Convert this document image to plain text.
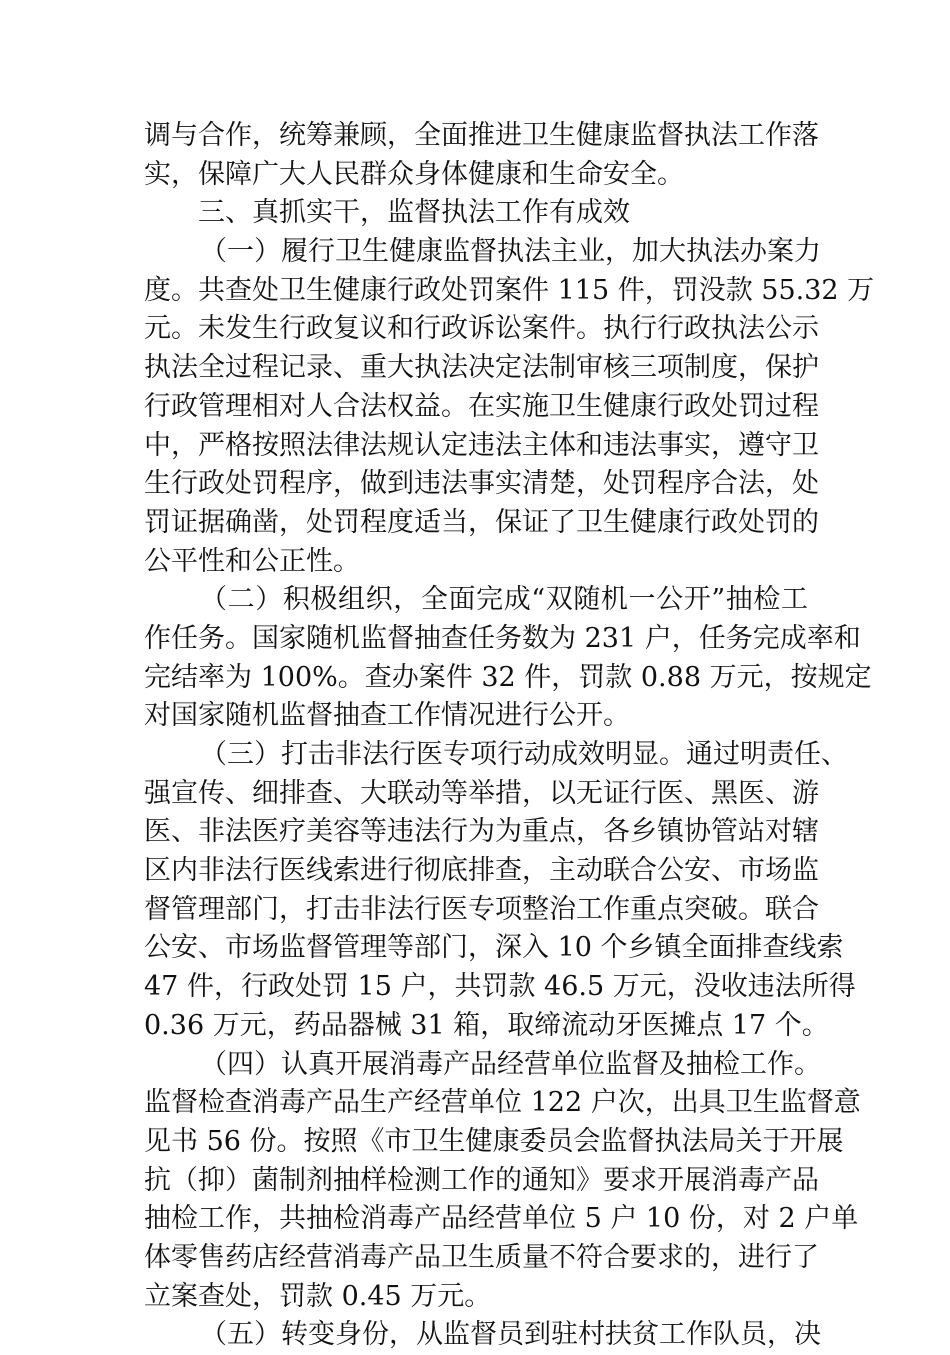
调与合作，统筹兼顾，全面推进卫生健康监督执法工作落
实，保障广大人民群众身体健康和生命安全。
三、真抓实干，监督执法工作有成效
（一）履行卫生健康监督执法主业，加大执法办案力
度。共查处卫生健康行政处罚案件 115 件，罚没款 55.32 万
元。未发生行政复议和行政诉讼案件。执行行政执法公示
执法全过程记录、重大执法决定法制审核三项制度，保护
行政管理相对人合法权益。在实施卫生健康行政处罚过程
中，严格按照法律法规认定违法主体和违法事实，遵守卫
生行政处罚程序，做到违法事实清楚，处罚程序合法，处
罚证据确凿，处罚程度适当，保证了卫生健康行政处罚的
公平性和公正性。
（二）积极组织，全面完成“双随机一公开”抽检工
作任务。国家随机监督抽查任务数为 231 户，任务完成率和
完结率为 100%。查办案件 32 件，罚款 0.88 万元，按规定
对国家随机监督抽查工作情况进行公开。
（三）打击非法行医专项行动成效明显。通过明责任、
强宣传、细排查、大联动等举措，以无证行医、黑医、游
医、非法医疗美容等违法行为为重点，各乡镇协管站对辖
区内非法行医线索进行彻底排查，主动联合公安、市场监
督管理部门，打击非法行医专项整治工作重点突破。联合
公安、市场监督管理等部门，深入 10 个乡镇全面排查线索
47 件，行政处罚 15 户，共罚款 46.5 万元，没收违法所得
0.36 万元，药品器械 31 箱，取缔流动牙医摊点 17 个。
（四）认真开展消毒产品经营单位监督及抽检工作。
监督检查消毒产品生产经营单位 122 户次，出具卫生监督意
见书 56 份。按照《市卫生健康委员会监督执法局关于开展
抗（抑）菌制剂抽样检测工作的通知》要求开展消毒产品
抽检工作，共抽检消毒产品经营单位 5 户 10 份，对 2 户单
体零售药店经营消毒产品卫生质量不符合要求的，进行了
立案查处，罚款 0.45 万元。
（五）转变身份，从监督员到驻村扶贫工作队员，决
